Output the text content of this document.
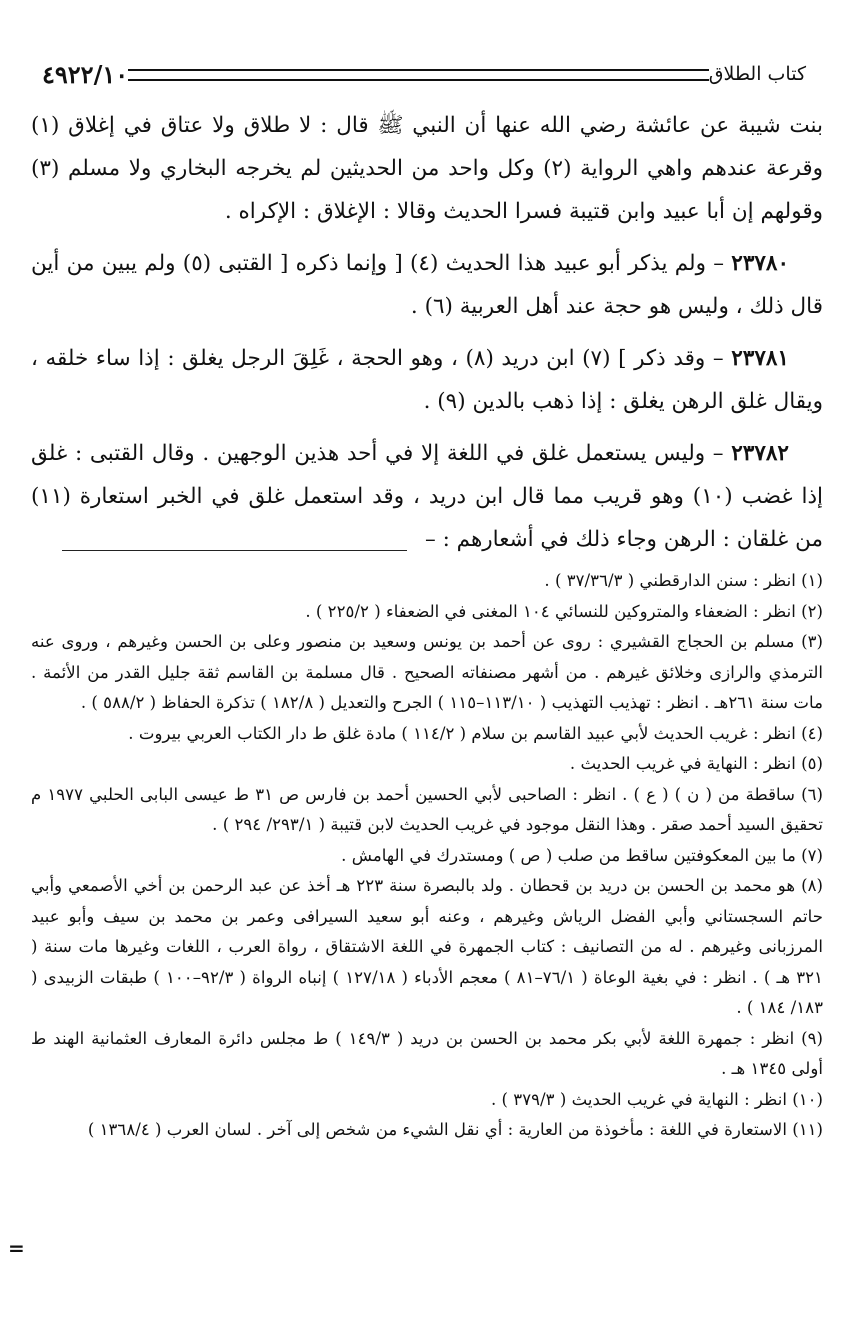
كتاب الطلاق
٤٩٢٢/١٠

بنت شيبة عن عائشة رضي الله عنها أن النبي ﷺ قال : لا طلاق ولا عتاق في إغلاق (١) وقرعة عندهم واهي الرواية (٢) وكل واحد من الحديثين لم يخرجه البخاري ولا مسلم (٣) وقولهم إن أبا عبيد وابن قتيبة فسرا الحديث وقالا : الإغلاق : الإكراه .

٢٣٧٨٠ – ولم يذكر أبو عبيد هذا الحديث (٤) [ وإنما ذكره [ القتبى (٥) ولم يبين من أين قال ذلك ، وليس هو حجة عند أهل العربية (٦) .

٢٣٧٨١ – وقد ذكر ] (٧) ابن دريد (٨) ، وهو الحجة ، غَلِقَ الرجل يغلق : إذا ساء خلقه ، ويقال غلق الرهن يغلق : إذا ذهب بالدين (٩) .

٢٣٧٨٢ – وليس يستعمل غلق في اللغة إلا في أحد هذين الوجهين . وقال القتبى : غلق إذا غضب (١٠) وهو قريب مما قال ابن دريد ، وقد استعمل غلق في الخبر استعارة (١١) من غلقان : الرهن وجاء ذلك في أشعارهم : –

(١) انظر : سنن الدارقطني ( ٣٧/٣٦/٣ ) .

(٢) انظر : الضعفاء والمتروكين للنسائي ١٠٤ المغنى في الضعفاء ( ٢٢٥/٢ ) .

(٣) مسلم بن الحجاج القشيري : روى عن أحمد بن يونس وسعيد بن منصور وعلى بن الحسن وغيرهم ، وروى عنه الترمذي والرازى وخلائق غيرهم . من أشهر مصنفاته الصحيح . قال مسلمة بن القاسم ثقة جليل القدر من الأئمة . مات سنة ٢٦١هـ . انظر : تهذيب التهذيب ( ١١٣/١٠–١١٥ ) الجرح والتعديل ( ١٨٢/٨ ) تذكرة الحفاظ ( ٥٨٨/٢ ) .

(٤) انظر : غريب الحديث لأبي عبيد القاسم بن سلام ( ١١٤/٢ ) مادة غلق ط دار الكتاب العربي بيروت .

(٥) انظر : النهاية في غريب الحديث .

(٦) ساقطة من ( ن ) ( ع ) . انظر : الصاحبى لأبي الحسين أحمد بن فارس ص ٣١ ط عيسى البابى الحلبي ١٩٧٧ م تحقيق السيد أحمد صقر . وهذا النقل موجود في غريب الحديث لابن قتيبة ( ٢٩٣/١/ ٢٩٤ ) .

(٧) ما بين المعكوفتين ساقط من صلب ( ص ) ومستدرك في الهامش .

(٨) هو محمد بن الحسن بن دريد بن قحطان . ولد بالبصرة سنة ٢٢٣ هـ أخذ عن عبد الرحمن بن أخي الأصمعي وأبي حاتم السجستاني وأبي الفضل الرياش وغيرهم ، وعنه أبو سعيد السيرافى وعمر بن محمد بن سيف وأبو عبيد المرزبانى وغيرهم . له من التصانيف : كتاب الجمهرة في اللغة الاشتقاق ، رواة العرب ، اللغات وغيرها مات سنة ( ٣٢١ هـ ) . انظر : في بغية الوعاة ( ٧٦/١–٨١ ) معجم الأدباء ( ١٢٧/١٨ ) إنباه الرواة ( ٩٢/٣–١٠٠ ) طبقات الزبيدى ( ١٨٣/ ١٨٤ ) .

(٩) انظر : جمهرة اللغة لأبي بكر محمد بن الحسن بن دريد ( ١٤٩/٣ ) ط مجلس دائرة المعارف العثمانية الهند ط أولى ١٣٤٥ هـ .

(١٠) انظر : النهاية في غريب الحديث ( ٣٧٩/٣ ) .

(١١) الاستعارة في اللغة : مأخوذة من العارية : أي نقل الشيء من شخص إلى آخر . لسان العرب ( ١٣٦٨/٤ )

=
